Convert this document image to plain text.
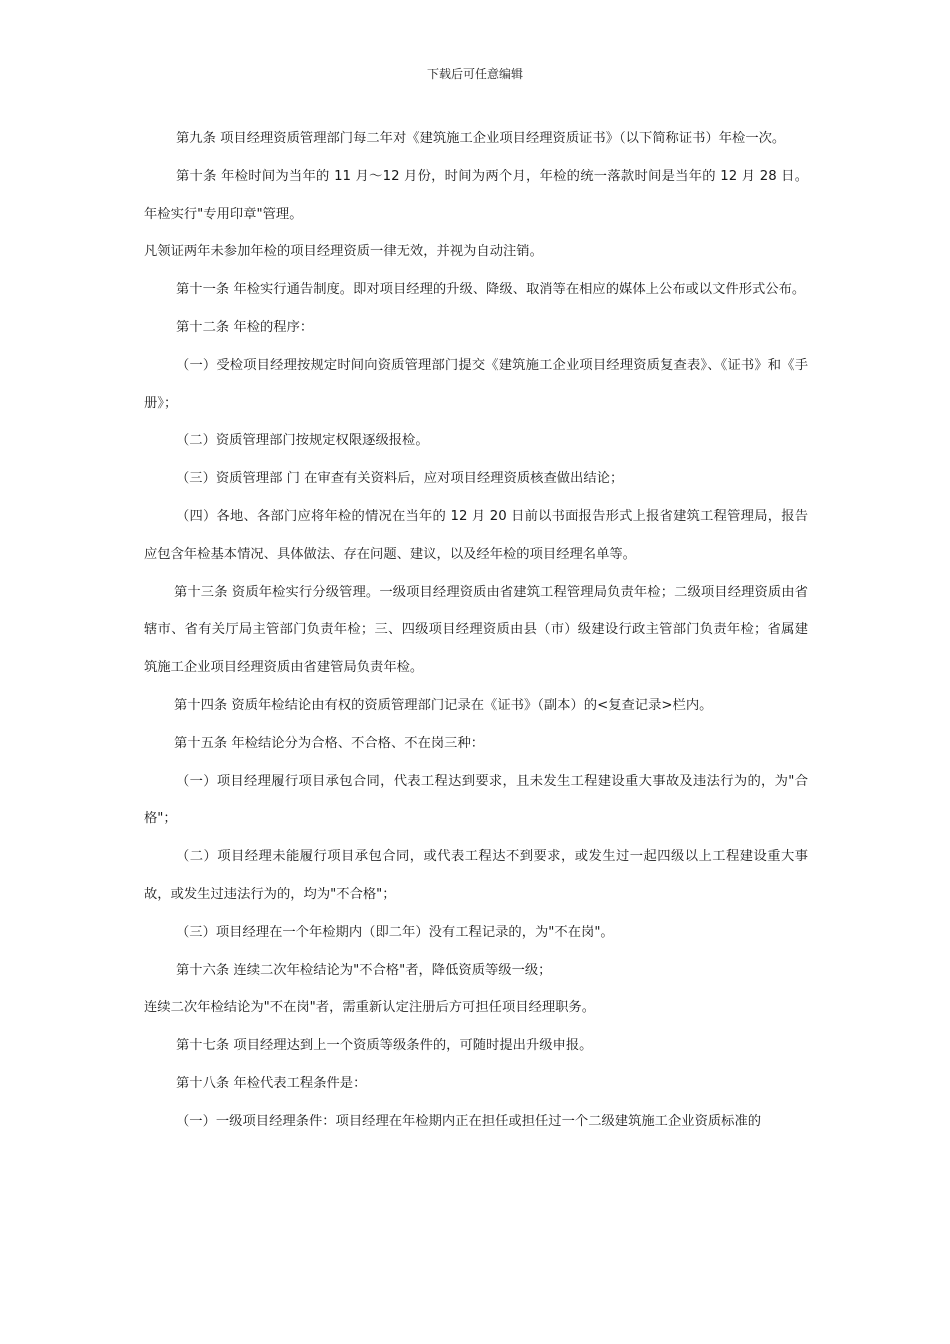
下载后可任意编辑

第九条 项目经理资质管理部门每二年对《建筑施工企业项目经理资质证书》（以下简称证书）年检一次。

第十条 年检时间为当年的 11 月～12 月份，时间为两个月，年检的统一落款时间是当年的 12 月 28 日。年检实行"专用印章"管理。

凡领证两年未参加年检的项目经理资质一律无效，并视为自动注销。

第十一条 年检实行通告制度。即对项目经理的升级、降级、取消等在相应的媒体上公布或以文件形式公布。

第十二条 年检的程序：

（一）受检项目经理按规定时间向资质管理部门提交《建筑施工企业项目经理资质复查表》、《证书》和《手册》；

（二）资质管理部门按规定权限逐级报检。

（三）资质管理部 门 在审查有关资料后，应对项目经理资质核查做出结论；

（四）各地、各部门应将年检的情况在当年的 12 月 20 日前以书面报告形式上报省建筑工程管理局，报告应包含年检基本情况、具体做法、存在问题、建议，以及经年检的项目经理名单等。

第十三条 资质年检实行分级管理。一级项目经理资质由省建筑工程管理局负责年检；二级项目经理资质由省辖市、省有关厅局主管部门负责年检；三、四级项目经理资质由县（市）级建设行政主管部门负责年检；省属建筑施工企业项目经理资质由省建管局负责年检。

第十四条 资质年检结论由有权的资质管理部门记录在《证书》（副本）的<复查记录>栏内。

第十五条 年检结论分为合格、不合格、不在岗三种：

（一）项目经理履行项目承包合同，代表工程达到要求，且未发生工程建设重大事故及违法行为的，为"合格"；

（二）项目经理未能履行项目承包合同，或代表工程达不到要求，或发生过一起四级以上工程建设重大事故，或发生过违法行为的，均为"不合格"；

（三）项目经理在一个年检期内（即二年）没有工程记录的，为"不在岗"。

第十六条 连续二次年检结论为"不合格"者，降低资质等级一级；

连续二次年检结论为"不在岗"者，需重新认定注册后方可担任项目经理职务。

第十七条 项目经理达到上一个资质等级条件的，可随时提出升级申报。

第十八条 年检代表工程条件是：

（一）一级项目经理条件：项目经理在年检期内正在担任或担任过一个二级建筑施工企业资质标准的
